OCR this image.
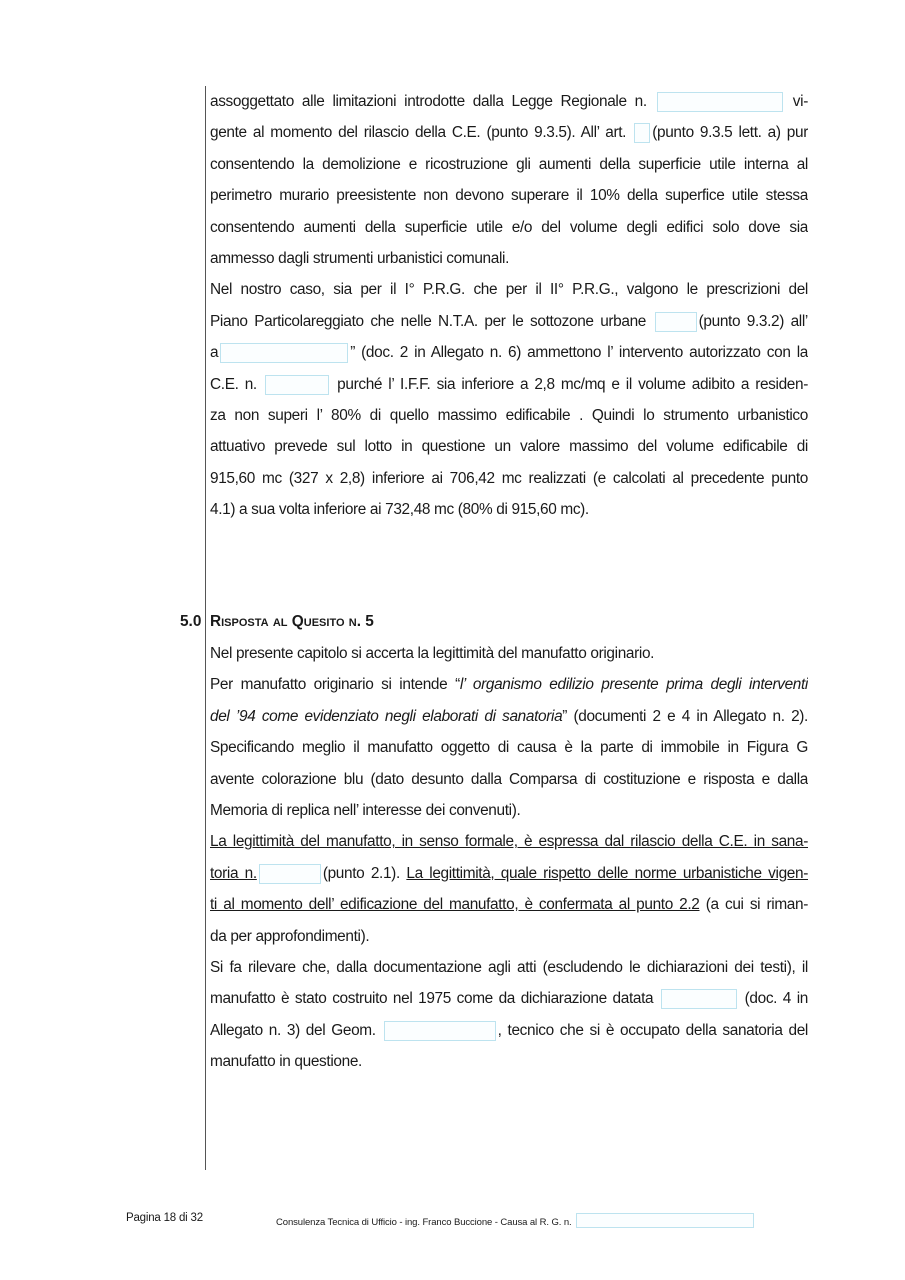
assoggettato alle limitazioni introdotte dalla Legge Regionale n.	vi-
gente al momento del rilascio della C.E. (punto 9.3.5). All’ art. (punto 9.3.5 lett. a) pur
consentendo la demolizione e ricostruzione gli aumenti della superficie utile interna al
perimetro murario preesistente non devono superare il 10% della superfice utile stessa
consentendo aumenti della superficie utile e/o del volume degli edifici solo dove sia
ammesso dagli strumenti urbanistici comunali.

Nel nostro caso, sia per il I° P.R.G. che per il II° P.R.G., valgono le prescrizioni del
Piano Particolareggiato che nelle N.T.A. per le sottozone urbane	(punto 9.3.2) all’
a	” (doc. 2 in Allegato n. 6) ammettono l’ intervento autorizzato con la
C.E. n.	purché l’ I.F.F. sia inferiore a 2,8 mc/mq e il volume adibito a residen-
za non superi l’ 80% di quello massimo edificabile . Quindi lo strumento urbanistico
attuativo prevede sul lotto in questione un valore massimo del volume edificabile di
915,60 mc (327 x 2,8) inferiore ai 706,42 mc realizzati (e calcolati al precedente punto
4.1) a sua volta inferiore ai 732,48 mc (80% di 915,60 mc).

5.0 Risposta al Quesito n. 5

Nel presente capitolo si accerta la legittimità del manufatto originario.

Per manufatto originario si intende “l’ organismo edilizio presente prima degli interventi
del ’94 come evidenziato negli elaborati di sanatoria” (documenti 2 e 4 in Allegato n. 2).
Specificando meglio il manufatto oggetto di causa è la parte di immobile in Figura G
avente colorazione blu (dato desunto dalla Comparsa di costituzione e risposta e dalla
Memoria di replica nell’ interesse dei convenuti).

La legittimità del manufatto, in senso formale, è espressa dal rilascio della C.E. in sana-
toria n.	(punto 2.1). La legittimità, quale rispetto delle norme urbanistiche vigen-
ti al momento dell’ edificazione del manufatto, è confermata al punto 2.2 (a cui si riman-
da per approfondimenti).

Si fa rilevare che, dalla documentazione agli atti (escludendo le dichiarazioni dei testi), il
manufatto è stato costruito nel 1975 come da dichiarazione datata	(doc. 4 in
Allegato n. 3) del Geom.	, tecnico che si è occupato della sanatoria del
manufatto in questione.

Pagina 18 di 32	Consulenza Tecnica di Ufficio - ing. Franco Buccione - Causa al R. G. n.
